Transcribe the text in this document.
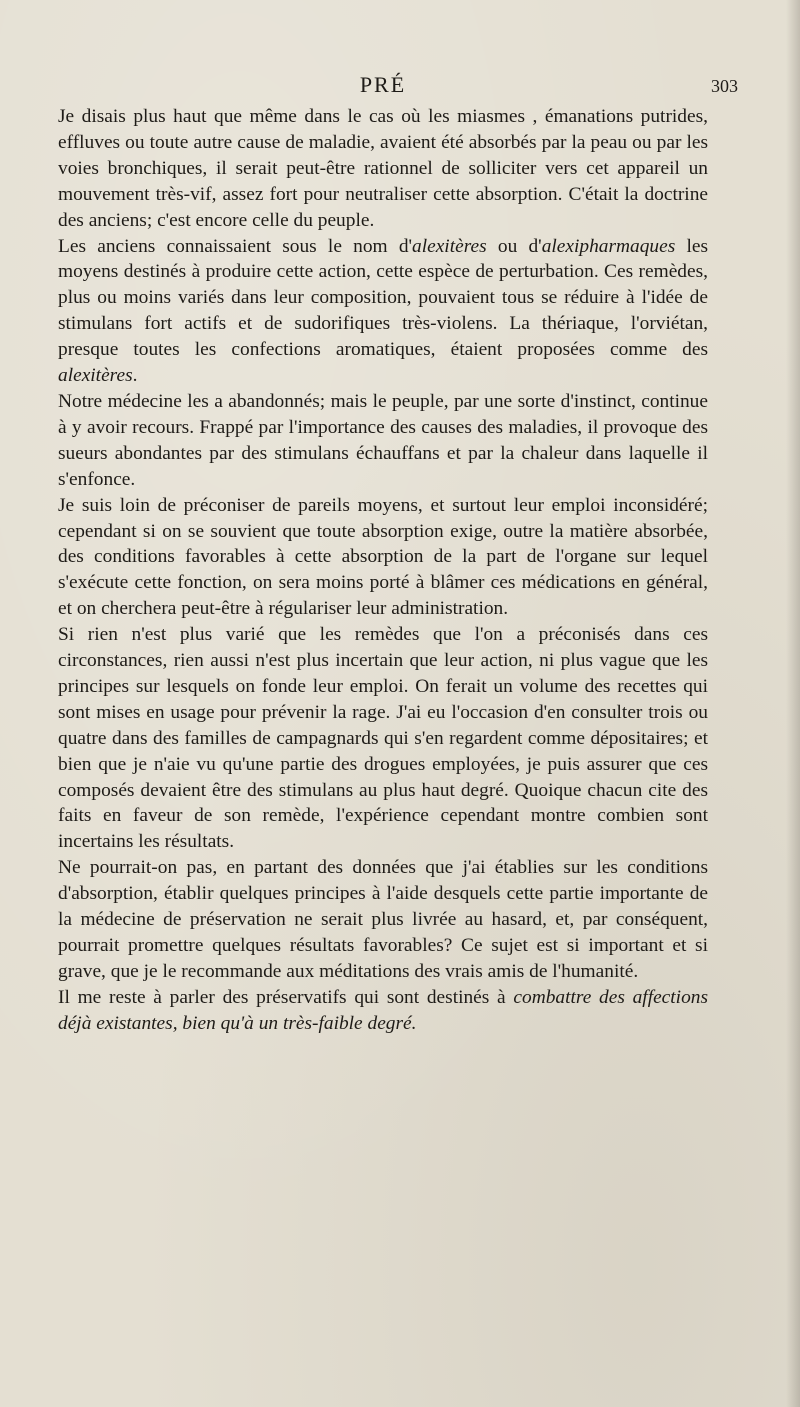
PRÉ	303

Je disais plus haut que même dans le cas où les miasmes , émanations putrides, effluves ou toute autre cause de maladie, avaient été absorbés par la peau ou par les voies bronchiques, il serait peut-être rationnel de solliciter vers cet appareil un mouvement très-vif, assez fort pour neutraliser cette absorption. C'était la doctrine des anciens; c'est encore celle du peuple.

Les anciens connaissaient sous le nom d'alexitères ou d'alexipharmaques les moyens destinés à produire cette action, cette espèce de perturbation. Ces remèdes, plus ou moins variés dans leur composition, pouvaient tous se réduire à l'idée de stimulans fort actifs et de sudorifiques très-violens. La thériaque, l'orviétan, presque toutes les confections aromatiques, étaient proposées comme des alexitères.

Notre médecine les a abandonnés; mais le peuple, par une sorte d'instinct, continue à y avoir recours. Frappé par l'importance des causes des maladies, il provoque des sueurs abondantes par des stimulans échauffans et par la chaleur dans laquelle il s'enfonce.

Je suis loin de préconiser de pareils moyens, et surtout leur emploi inconsidéré; cependant si on se souvient que toute absorption exige, outre la matière absorbée, des conditions favorables à cette absorption de la part de l'organe sur lequel s'exécute cette fonction, on sera moins porté à blâmer ces médications en général, et on cherchera peut-être à régulariser leur administration.

Si rien n'est plus varié que les remèdes que l'on a préconisés dans ces circonstances, rien aussi n'est plus incertain que leur action, ni plus vague que les principes sur lesquels on fonde leur emploi. On ferait un volume des recettes qui sont mises en usage pour prévenir la rage. J'ai eu l'occasion d'en consulter trois ou quatre dans des familles de campagnards qui s'en regardent comme dépositaires; et bien que je n'aie vu qu'une partie des drogues employées, je puis assurer que ces composés devaient être des stimulans au plus haut degré. Quoique chacun cite des faits en faveur de son remède, l'expérience cependant montre combien sont incertains les résultats.

Ne pourrait-on pas, en partant des données que j'ai établies sur les conditions d'absorption, établir quelques principes à l'aide desquels cette partie importante de la médecine de préservation ne serait plus livrée au hasard, et, par conséquent, pourrait promettre quelques résultats favorables? Ce sujet est si important et si grave, que je le recommande aux méditations des vrais amis de l'humanité.

Il me reste à parler des préservatifs qui sont destinés à combattre des affections déjà existantes, bien qu'à un très-faible degré.
